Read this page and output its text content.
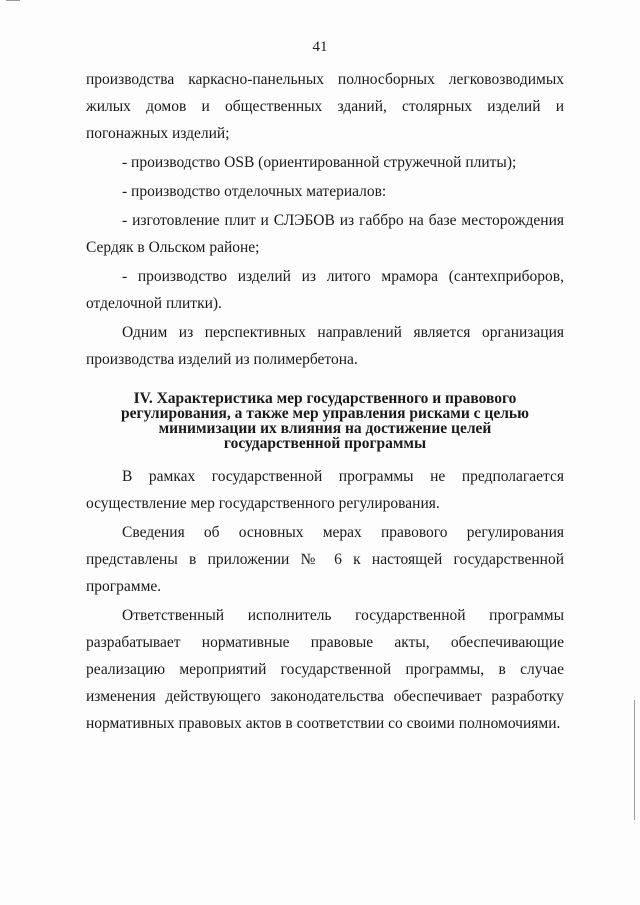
41

производства каркасно-панельных полносборных легковозводимых жилых домов и общественных зданий, столярных изделий и погонажных изделий;

- производство OSB (ориентированной стружечной плиты);

- производство отделочных материалов:

- изготовление плит и СЛЭБОВ из габбро на базе месторождения Сердяк в Ольском районе;

- производство изделий из литого мрамора (сантехприборов, отделочной плитки).

Одним из перспективных направлений является организация производства изделий из полимербетона.

IV. Характеристика мер государственного и правового
регулирования, а также мер управления рисками с целью
минимизации их влияния на достижение целей
государственной программы

В рамках государственной программы не предполагается осуществление мер государственного регулирования.

Сведения об основных мерах правового регулирования представлены в приложении № 6 к настоящей государственной программе.

Ответственный исполнитель государственной программы разрабатывает нормативные правовые акты, обеспечивающие реализацию мероприятий государственной программы, в случае изменения действующего законодательства обеспечивает разработку нормативных правовых актов в соответствии со своими полномочиями.
